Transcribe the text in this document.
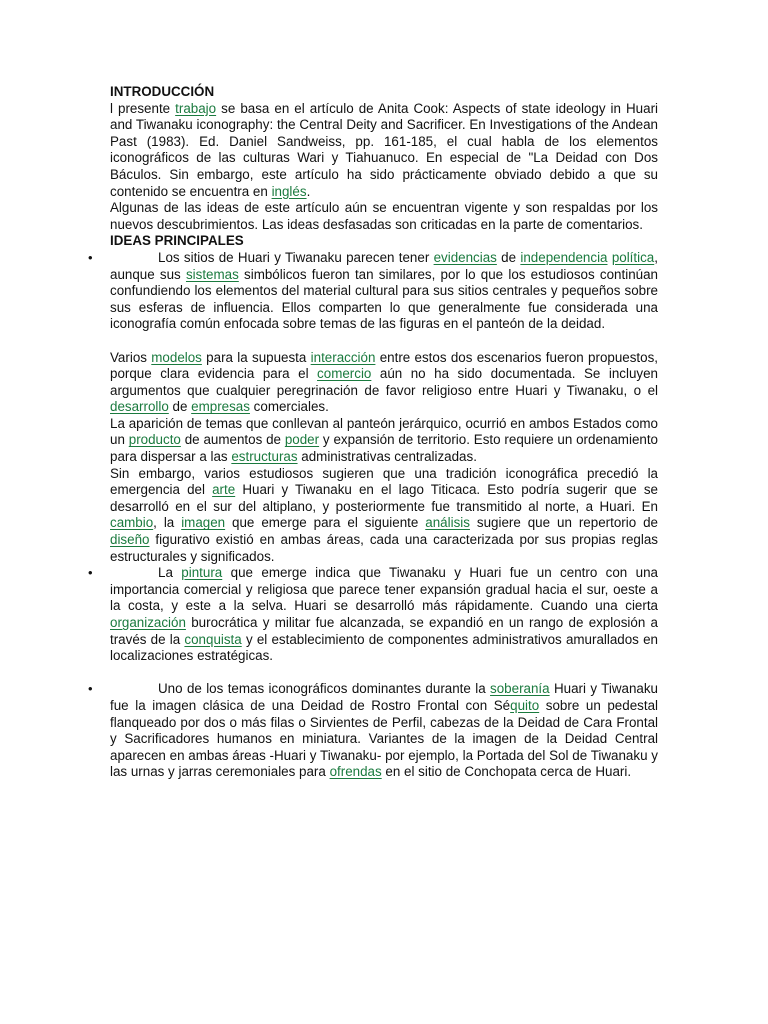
INTRODUCCIÓN

l presente trabajo se basa en el artículo de Anita Cook: Aspects of state ideology in Huari and Tiwanaku iconography: the Central Deity and Sacrificer. En Investigations of the Andean Past (1983). Ed. Daniel Sandweiss, pp. 161-185, el cual habla de los elementos iconográficos de las culturas Wari y Tiahuanuco. En especial de "La Deidad con Dos Báculos. Sin embargo, este artículo ha sido prácticamente obviado debido a que su contenido se encuentra en inglés.

Algunas de las ideas de este artículo aún se encuentran vigente y son respaldas por los nuevos descubrimientos. Las ideas desfasadas son criticadas en la parte de comentarios.

IDEAS PRINCIPALES
•	Los sitios de Huari y Tiwanaku parecen tener evidencias de independencia política, aunque sus sistemas simbólicos fueron tan similares, por lo que los estudiosos continúan confundiendo los elementos del material cultural para sus sitios centrales y pequeños sobre sus esferas de influencia. Ellos comparten lo que generalmente fue considerada una iconografía común enfocada sobre temas de las figuras en el panteón de la deidad.

Varios modelos para la supuesta interacción entre estos dos escenarios fueron propuestos, porque clara evidencia para el comercio aún no ha sido documentada. Se incluyen argumentos que cualquier peregrinación de favor religioso entre Huari y Tiwanaku, o el desarrollo de empresas comerciales.

La aparición de temas que conllevan al panteón jerárquico, ocurrió en ambos Estados como un producto de aumentos de poder y expansión de territorio. Esto requiere un ordenamiento para dispersar a las estructuras administrativas centralizadas.

Sin embargo, varios estudiosos sugieren que una tradición iconográfica precedió la emergencia del arte Huari y Tiwanaku en el lago Titicaca. Esto podría sugerir que se desarrolló en el sur del altiplano, y posteriormente fue transmitido al norte, a Huari. En cambio, la imagen que emerge para el siguiente análisis sugiere que un repertorio de diseño figurativo existió en ambas áreas, cada una caracterizada por sus propias reglas estructurales y significados.

•	La pintura que emerge indica que Tiwanaku y Huari fue un centro con una importancia comercial y religiosa que parece tener expansión gradual hacia el sur, oeste a la costa, y este a la selva. Huari se desarrolló más rápidamente. Cuando una cierta organización burocrática y militar fue alcanzada, se expandió en un rango de explosión a través de la conquista y el establecimiento de componentes administrativos amurallados en localizaciones estratégicas.

•	Uno de los temas iconográficos dominantes durante la soberanía Huari y Tiwanaku fue la imagen clásica de una Deidad de Rostro Frontal con Séquito sobre un pedestal flanqueado por dos o más filas o Sirvientes de Perfil, cabezas de la Deidad de Cara Frontal y Sacrificadores humanos en miniatura. Variantes de la imagen de la Deidad Central aparecen en ambas áreas -Huari y Tiwanaku- por ejemplo, la Portada del Sol de Tiwanaku y las urnas y jarras ceremoniales para ofrendas en el sitio de Conchopata cerca de Huari.
